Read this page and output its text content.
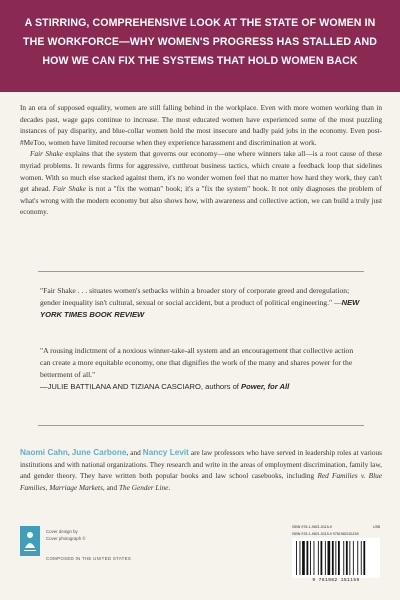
A STIRRING, COMPREHENSIVE LOOK AT THE STATE OF WOMEN IN THE WORKFORCE—WHY WOMEN'S PROGRESS HAS STALLED AND HOW WE CAN FIX THE SYSTEMS THAT HOLD WOMEN BACK

In an era of supposed equality, women are still falling behind in the workplace. Even with more women working than in decades past, wage gaps continue to increase. The most educated women have experienced some of the most puzzling instances of pay disparity, and blue-collar women hold the most insecure and badly paid jobs in the economy. Even post-#MeToo, women have limited recourse when they experience harassment and discrimination at work.

Fair Shake explains that the system that governs our economy—one where winners take all—is a root cause of these myriad problems. It rewards firms for aggressive, cutthroat business tactics, which create a feedback loop that sidelines women. With so much else stacked against them, it's no wonder women feel that no matter how hard they work, they can't get ahead. Fair Shake is not a "fix the woman" book; it's a "fix the system" book. It not only diagnoses the problem of what's wrong with the modern economy but also shows how, with awareness and collective action, we can build a truly just economy.

"Fair Shake . . . situates women's setbacks within a broader story of corporate greed and deregulation; gender inequality isn't cultural, sexual or social accident, but a product of political engineering." —NEW YORK TIMES BOOK REVIEW
"A rousing indictment of a noxious winner-take-all system and an encouragement that collective action can create a more equitable economy, one that dignifies the work of the many and shares power for the betterment of all."
—JULIE BATTILANA AND TIZIANA CASCIARO, authors of Power, for All
Naomi Cahn, June Carbone, and Nancy Levit are law professors who have served in leadership roles at various institutions and with national organizations. They research and write in the areas of employment discrimination, family law, and gender theory. They have written both popular books and law school casebooks, including Red Families v. Blue Families, Marriage Markets, and The Gender Line.
Cover design by
Cover photograph ©
COMPOSED IN THE UNITED STATES
ISBN 978-1-9821-5115-9	US$
ISBN 978-1-9821-5115-9 9781982151159
9 781982 151159
